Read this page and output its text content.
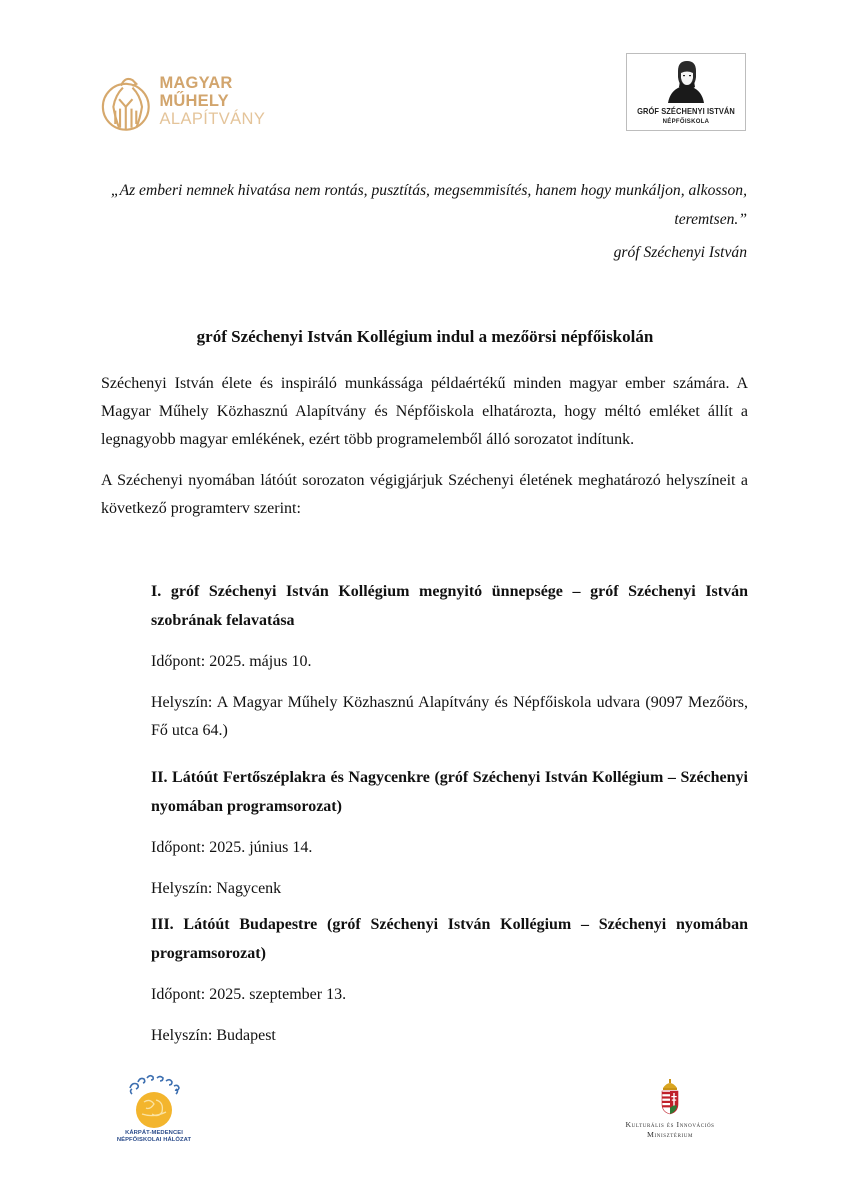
MAGYAR MŰHELY
ALAPÍTVÁNY	GRÓF SZÉCHENYI ISTVÁN
NÉPFŐISKOLA
„Az emberi nemnek hivatása nem rontás, pusztítás, megsemmisítés, hanem hogy munkáljon, alkosson, teremtsen.”
gróf Széchenyi István
gróf Széchenyi István Kollégium indul a mezőörsi népfőiskolán
Széchenyi István élete és inspiráló munkássága példaértékű minden magyar ember számára. A Magyar Műhely Közhasznú Alapítvány és Népfőiskola elhatározta, hogy méltó emléket állít a legnagyobb magyar emlékének, ezért több programelemből álló sorozatot indítunk.
A Széchenyi nyomában látóút sorozaton végigjárjuk Széchenyi életének meghatározó helyszíneit a következő programterv szerint:
I. gróf Széchenyi István Kollégium megnyitó ünnepsége – gróf Széchenyi István szobrának felavatása
Időpont: 2025. május 10.
Helyszín: A Magyar Műhely Közhasznú Alapítvány és Népfőiskola udvara (9097 Mezőörs, Fő utca 64.)
II. Látóút Fertőszéplakra és Nagycenkre (gróf Széchenyi István Kollégium – Széchenyi nyomában programsorozat)
Időpont: 2025. június 14.
Helyszín: Nagycenk
III. Látóút Budapestre (gróf Széchenyi István Kollégium – Széchenyi nyomában programsorozat)
Időpont: 2025. szeptember 13.
Helyszín: Budapest
KÁRPÁT-MEDENCEI
NÉPFŐISKOLAI HÁLÓZAT
Kulturális és Innovációs
Minisztérium
